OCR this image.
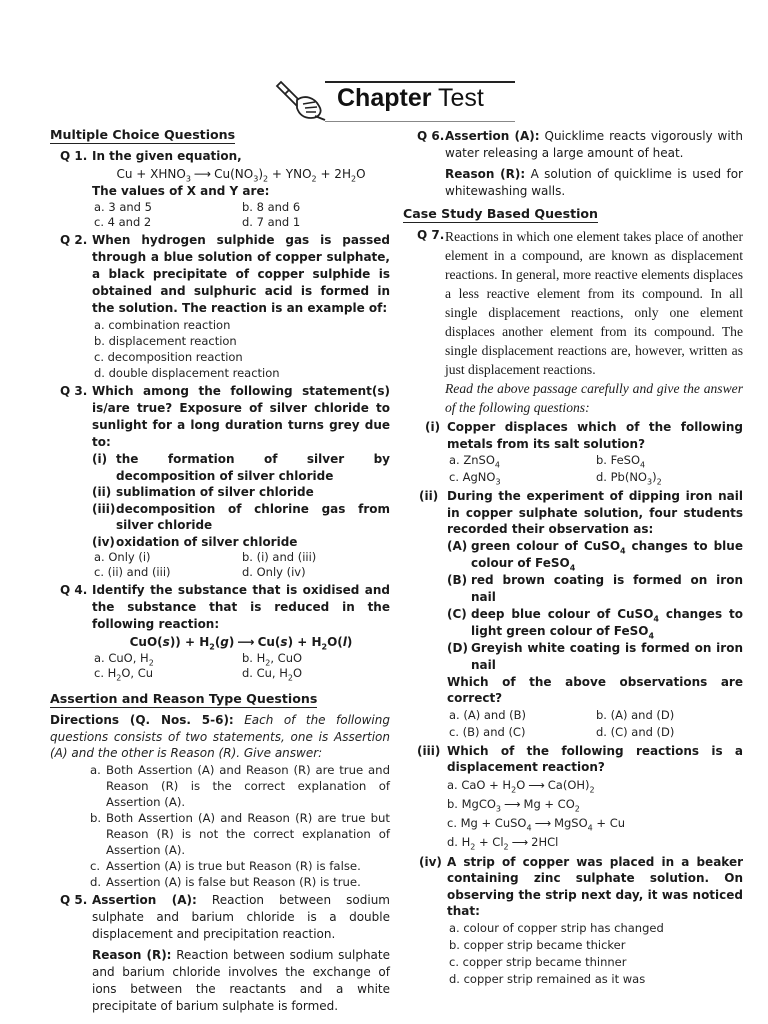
Chapter Test
Multiple Choice Questions
Q 1. In the given equation,
$Cu + XHNO_3$ ⟶ $Cu(NO_3)_2 + YNO_2 + 2H_2O$
The values of X and Y are:
a. 3 and 5	b. 8 and 6
c. 4 and 2	d. 7 and 1
Q 2. When hydrogen sulphide gas is passed through a blue solution of copper sulphate, a black precipitate of copper sulphide is obtained and sulphuric acid is formed in the solution. The reaction is an example of:
a. combination reaction
b. displacement reaction
c. decomposition reaction
d. double displacement reaction
Q 3. Which among the following statement(s) is/are true? Exposure of silver chloride to sunlight for a long duration turns grey due to:
(i) the formation of silver by decomposition of silver chloride
(ii) sublimation of silver chloride
(iii) decomposition of chlorine gas from silver chloride
(iv) oxidation of silver chloride
a. Only (i)	b. (i) and (iii)
c. (ii) and (iii)	d. Only (iv)
Q 4. Identify the substance that is oxidised and the substance that is reduced in the following reaction:
$CuO(s)) + H_2(g)$ ⟶ $Cu(s) + H_2O(l)$
a. CuO, $H_2$	b. $H_2$, CuO
c. $H_2O$, Cu	d. Cu, $H_2O$
Assertion and Reason Type Questions
Directions (Q. Nos. 5-6): Each of the following questions consists of two statements, one is Assertion (A) and the other is Reason (R). Give answer:
a. Both Assertion (A) and Reason (R) are true and Reason (R) is the correct explanation of Assertion (A).
b. Both Assertion (A) and Reason (R) are true but Reason (R) is not the correct explanation of Assertion (A).
c. Assertion (A) is true but Reason (R) is false.
d. Assertion (A) is false but Reason (R) is true.
Q 5. Assertion (A): Reaction between sodium sulphate and barium chloride is a double displacement and precipitation reaction.
Reason (R): Reaction between sodium sulphate and barium chloride involves the exchange of ions between the reactants and a white precipitate of barium sulphate is formed.
Q 6. Assertion (A): Quicklime reacts vigorously with water releasing a large amount of heat.
Reason (R): A solution of quicklime is used for whitewashing walls.
Case Study Based Question
Q 7. Reactions in which one element takes place of another element in a compound, are known as displacement reactions. In general, more reactive elements displaces a less reactive element from its compound. In all single displacement reactions, only one element displaces another element from its compound. The single displacement reactions are, however, written as just displacement reactions.
Read the above passage carefully and give the answer of the following questions:
(i) Copper displaces which of the following metals from its salt solution?
a. ZnSO$_4$	b. FeSO$_4$
c. AgNO$_3$	d. $Pb(NO_3)_2$
(ii) During the experiment of dipping iron nail in copper sulphate solution, four students recorded their observation as:
(A) green colour of CuSO$_4$ changes to blue colour of FeSO$_4$
(B) red brown coating is formed on iron nail
(C) deep blue colour of CuSO$_4$ changes to light green colour of FeSO$_4$
(D) Greyish white coating is formed on iron nail
Which of the above observations are correct?
a. (A) and (B)	b. (A) and (D)
c. (B) and (C)	d. (C) and (D)
(iii) Which of the following reactions is a displacement reaction?
a. CaO + $H_2O$ ⟶ $Ca(OH)_2$
b. MgCO$_3$ ⟶ $Mg + CO_2$
c. Mg + CuSO$_4$ ⟶ MgSO$_4$ + Cu
d. $H_2 + Cl_2$ ⟶ 2HCl
(iv) A strip of copper was placed in a beaker containing zinc sulphate solution. On observing the strip next day, it was noticed that:
a. colour of copper strip has changed
b. copper strip became thicker
c. copper strip became thinner
d. copper strip remained as it was
